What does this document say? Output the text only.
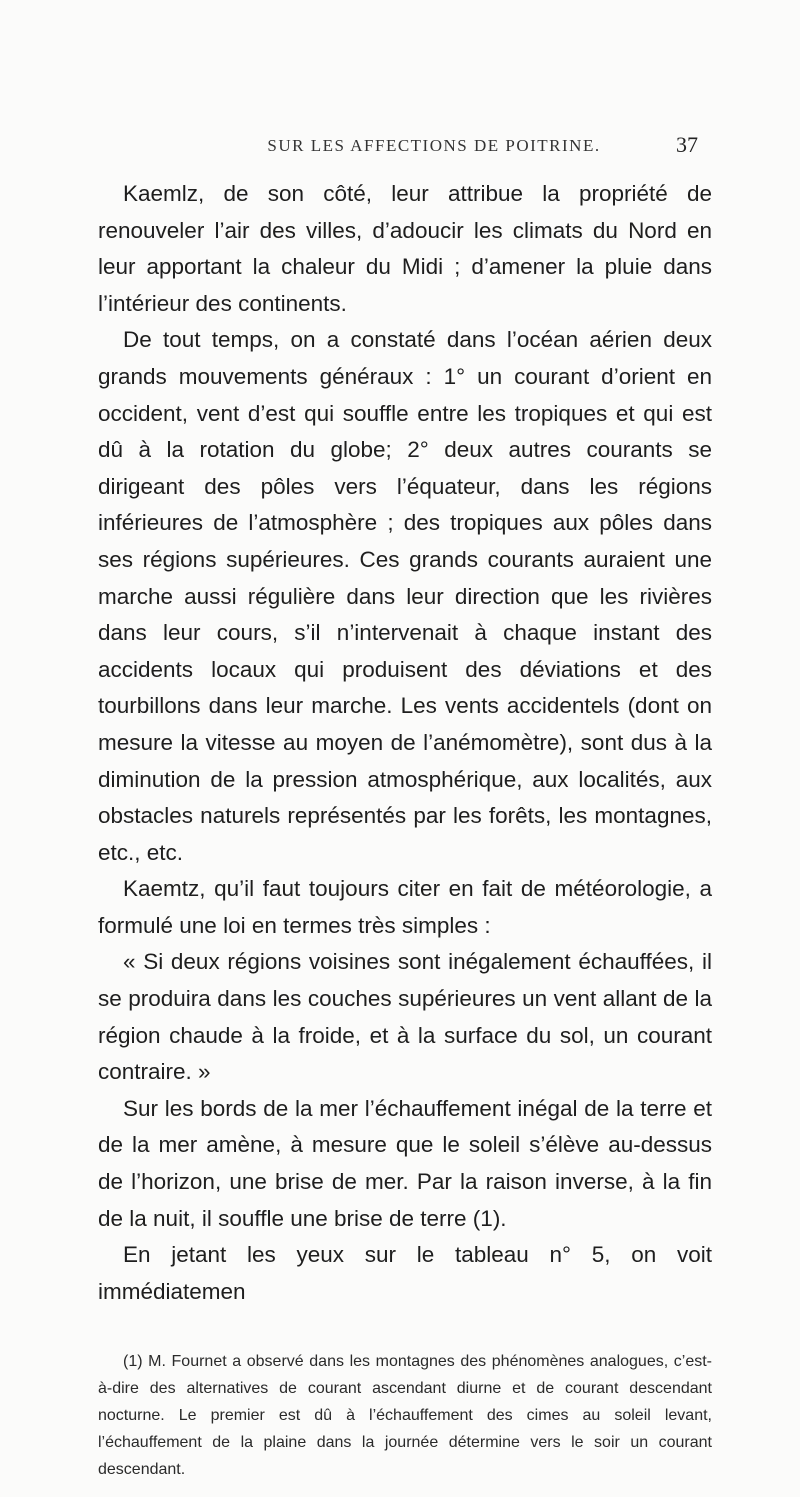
SUR LES AFFECTIONS DE POITRINE.	37

Kaemlz, de son côté, leur attribue la propriété de renouveler l’air des villes, d’adoucir les climats du Nord en leur apportant la chaleur du Midi ; d’amener la pluie dans l’intérieur des continents.

De tout temps, on a constaté dans l’océan aérien deux grands mouvements généraux : 1° un courant d’orient en occident, vent d’est qui souffle entre les tropiques et qui est dû à la rotation du globe; 2° deux autres courants se dirigeant des pôles vers l’équateur, dans les régions inférieures de l’atmosphère ; des tropiques aux pôles dans ses régions supérieures. Ces grands courants auraient une marche aussi régulière dans leur direction que les rivières dans leur cours, s’il n’intervenait à chaque instant des accidents locaux qui produisent des déviations et des tourbillons dans leur marche. Les vents accidentels (dont on mesure la vitesse au moyen de l’anémomètre), sont dus à la diminution de la pression atmosphérique, aux localités, aux obstacles naturels représentés par les forêts, les montagnes, etc., etc.

Kaemtz, qu’il faut toujours citer en fait de météorologie, a formulé une loi en termes très simples :

« Si deux régions voisines sont inégalement échauffées, il se produira dans les couches supérieures un vent allant de la région chaude à la froide, et à la surface du sol, un courant contraire. »

Sur les bords de la mer l’échauffement inégal de la terre et de la mer amène, à mesure que le soleil s’élève au-dessus de l’horizon, une brise de mer. Par la raison inverse, à la fin de la nuit, il souffle une brise de terre (1).

En jetant les yeux sur le tableau n° 5, on voit immédiatemen

(1) M. Fournet a observé dans les montagnes des phénomènes analogues, c’est-à-dire des alternatives de courant ascendant diurne et de courant descendant nocturne. Le premier est dû à l’échauffement des cimes au soleil levant, l’échauffement de la plaine dans la journée détermine vers le soir un courant descendant.
